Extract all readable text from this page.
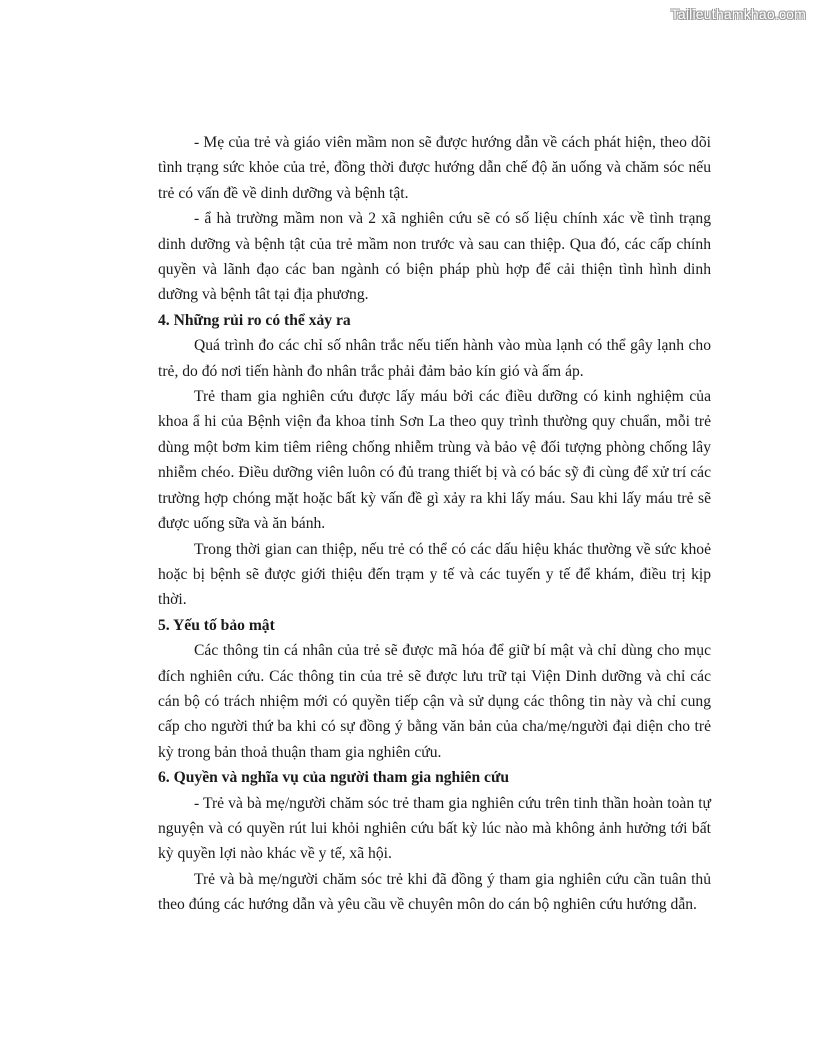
Tailieuthamkhao.com

- Mẹ của trẻ và giáo viên mầm non sẽ được hướng dẫn về cách phát hiện, theo dõi tình trạng sức khỏe của trẻ, đồng thời được hướng dẫn chế độ ăn uống và chăm sóc nếu trẻ có vấn đề về dinh dưỡng và bệnh tật.

- ẩ hà trường mầm non và 2 xã nghiên cứu sẽ có số liệu chính xác về tình trạng dinh dưỡng và bệnh tật của trẻ mầm non trước và sau can thiệp. Qua đó, các cấp chính quyền và lãnh đạo các ban ngành có biện pháp phù hợp để cải thiện tình hình dinh dưỡng và bệnh tât tại địa phương.

4. Những rủi ro có thể xảy ra

Quá trình đo các chỉ số nhân trắc nếu tiến hành vào mùa lạnh có thể gây lạnh cho trẻ, do đó nơi tiến hành đo nhân trắc phải đảm bảo kín gió và ấm áp.

Trẻ tham gia nghiên cứu được lấy máu bởi các điều dưỡng có kinh nghiệm của khoa ẩ hi của Bệnh viện đa khoa tỉnh Sơn La theo quy trình thường quy chuẩn, mỗi trẻ dùng một bơm kim tiêm riêng chống nhiễm trùng và bảo vệ đối tượng phòng chống lây nhiễm chéo. Điều dưỡng viên luôn có đủ trang thiết bị và có bác sỹ đi cùng để xử trí các trường hợp chóng mặt hoặc bất kỳ vấn đề gì xảy ra khi lấy máu. Sau khi lấy máu trẻ sẽ được uống sữa và ăn bánh.

Trong thời gian can thiệp, nếu trẻ có thể có các dấu hiệu khác thường về sức khoẻ hoặc bị bệnh sẽ được giới thiệu đến trạm y tế và các tuyến y tế để khám, điều trị kịp thời.

5. Yếu tố bảo mật

Các thông tin cá nhân của trẻ sẽ được mã hóa để giữ bí mật và chỉ dùng cho mục đích nghiên cứu. Các thông tin của trẻ sẽ được lưu trữ tại Viện Dinh dưỡng và chỉ các cán bộ có trách nhiệm mới có quyền tiếp cận và sử dụng các thông tin này và chỉ cung cấp cho người thứ ba khi có sự đồng ý bằng văn bản của cha/mẹ/người đại diện cho trẻ kỳ trong bản thoả thuận tham gia nghiên cứu.

6. Quyền và nghĩa vụ của người tham gia nghiên cứu

- Trẻ và bà mẹ/người chăm sóc trẻ tham gia nghiên cứu trên tinh thần hoàn toàn tự nguyện và có quyền rút lui khỏi nghiên cứu bất kỳ lúc nào mà không ảnh hưởng tới bất kỳ quyền lợi nào khác về y tế, xã hội.

Trẻ và bà mẹ/người chăm sóc trẻ khi đã đồng ý tham gia nghiên cứu cần tuân thủ theo đúng các hướng dẫn và yêu cầu về chuyên môn do cán bộ nghiên cứu hướng dẫn.
